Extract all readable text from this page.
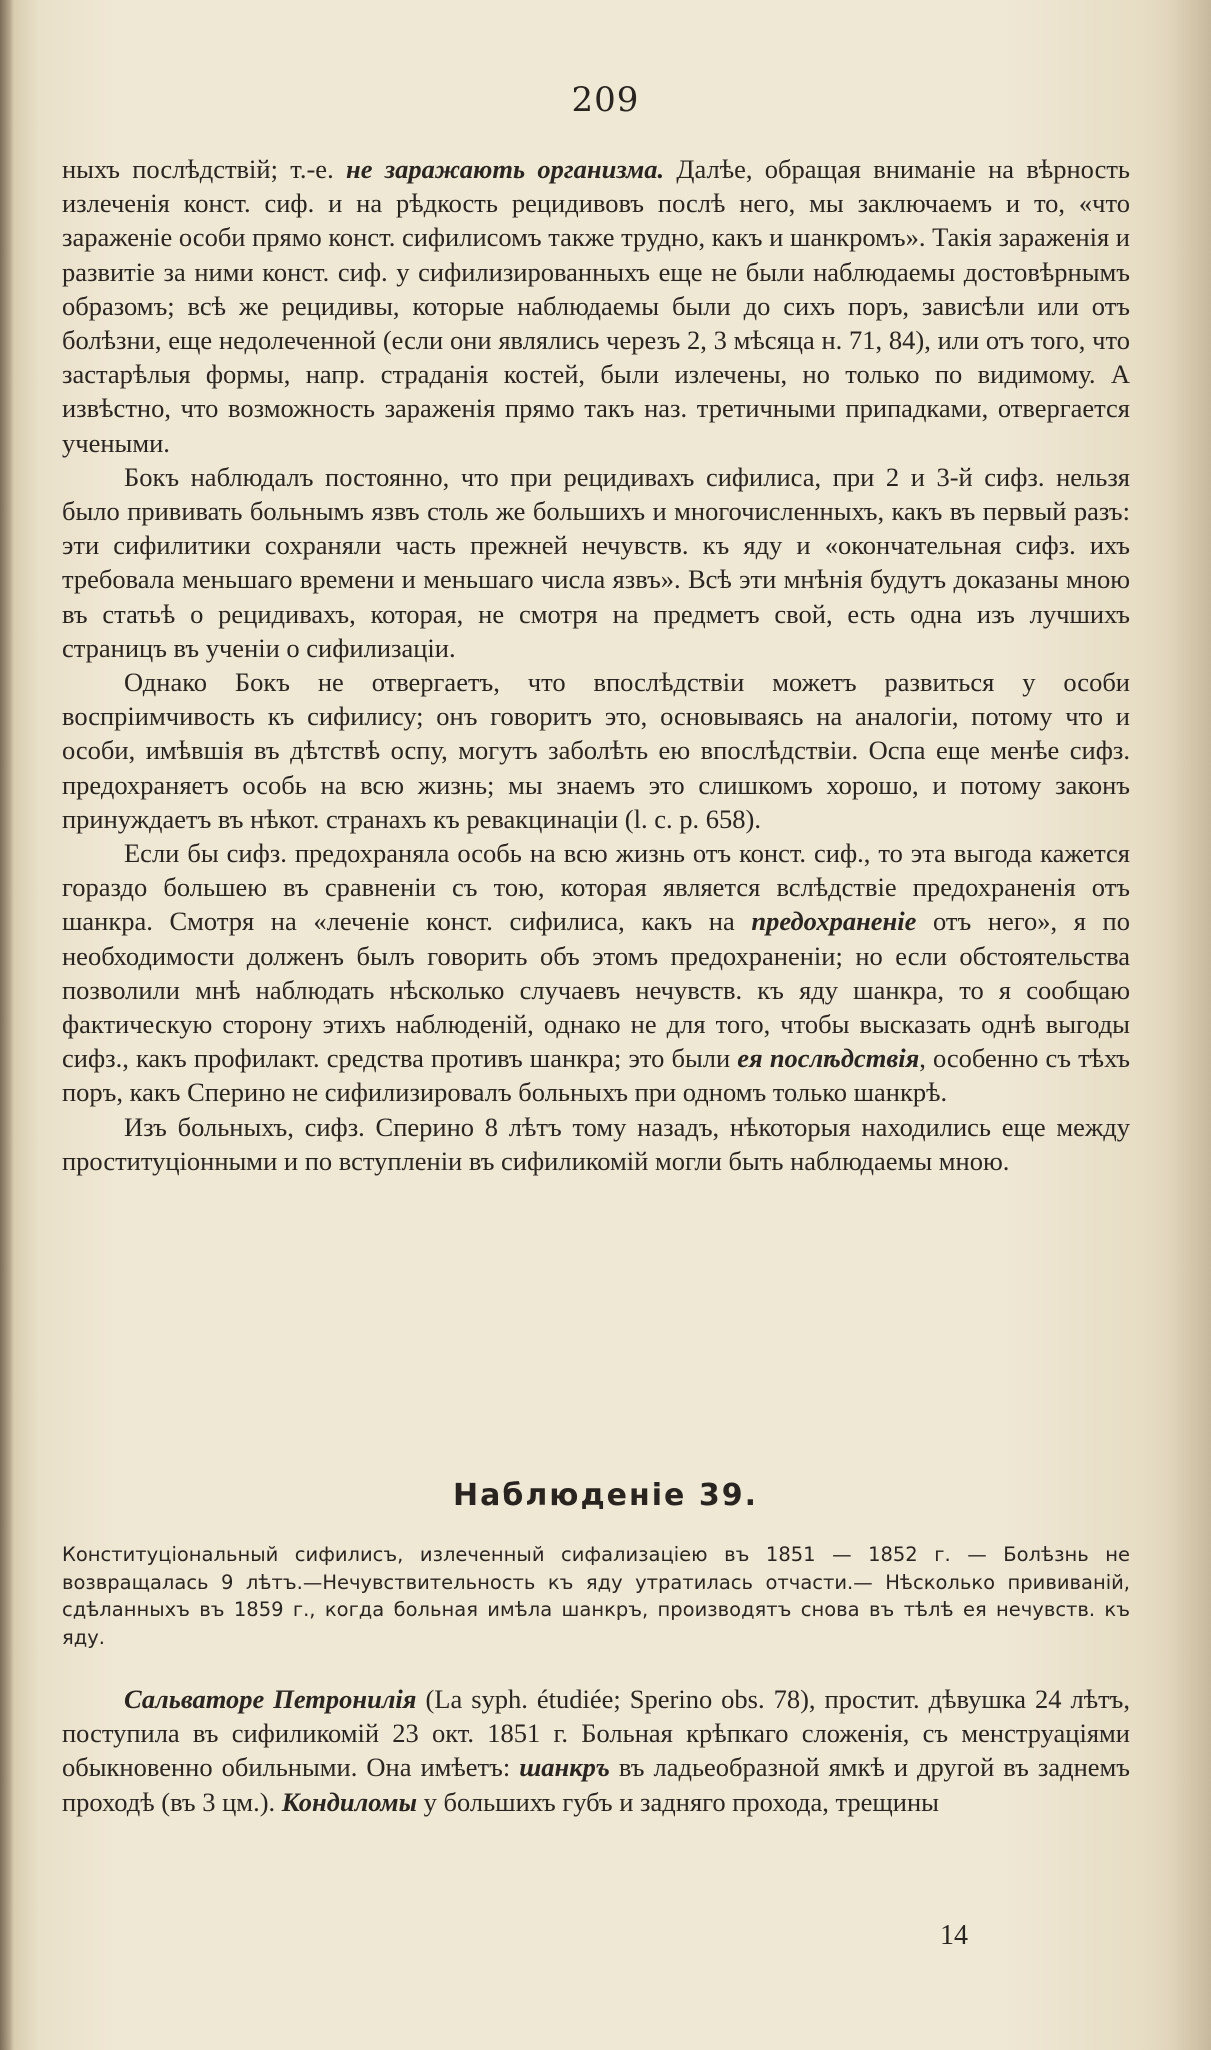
209

ныхъ послѣдствій; т.-е. не заражають организма. Далѣе, обращая вниманіе на вѣрность излеченія конст. сиф. и на рѣдкость рецидивовъ послѣ него, мы заключаемъ и то, «что зараженіе особи прямо конст. сифилисомъ также трудно, какъ и шанкромъ». Такія зараженія и развитіе за ними конст. сиф. у сифилизированныхъ еще не были наблюдаемы достовѣрнымъ образомъ; всѣ же рецидивы, которые наблюдаемы были до сихъ поръ, зависѣли или отъ болѣзни, еще недолеченной (если они являлись черезъ 2, 3 мѣсяца н. 71, 84), или отъ того, что застарѣлыя формы, напр. страданія костей, были излечены, но только по видимому. А извѣстно, что возможность зараженія прямо такъ наз. третичными припадками, отвергается учеными.

Бокъ наблюдалъ постоянно, что при рецидивахъ сифилиса, при 2 и 3-й сифз. нельзя было прививать больнымъ язвъ столь же большихъ и многочисленныхъ, какъ въ первый разъ: эти сифилитики сохраняли часть прежней нечувств. къ яду и «окончательная сифз. ихъ требовала меньшаго времени и меньшаго числа язвъ». Всѣ эти мнѣнія будутъ доказаны мною въ статьѣ о рецидивахъ, которая, не смотря на предметъ свой, есть одна изъ лучшихъ страницъ въ ученіи о сифилизаціи.

Однако Бокъ не отвергаетъ, что впослѣдствіи можетъ развиться у особи воспріимчивость къ сифилису; онъ говоритъ это, основываясь на аналогіи, потому что и особи, имѣвшія въ дѣтствѣ оспу, могутъ заболѣть ею впослѣдствіи. Оспа еще менѣе сифз. предохраняетъ особь на всю жизнь; мы знаемъ это слишкомъ хорошо, и потому законъ принуждаетъ въ нѣкот. странахъ къ ревакцинаціи (l. c. p. 658).

Если бы сифз. предохраняла особь на всю жизнь отъ конст. сиф., то эта выгода кажется гораздо большею въ сравненіи съ тою, которая является вслѣдствіе предохраненія отъ шанкра. Смотря на «леченіе конст. сифилиса, какъ на предохраненіе отъ него», я по необходимости долженъ былъ говорить объ этомъ предохраненіи; но если обстоятельства позволили мнѣ наблюдать нѣсколько случаевъ нечувств. къ яду шанкра, то я сообщаю фактическую сторону этихъ наблюденій, однако не для того, чтобы высказать однѣ выгоды сифз., какъ профилакт. средства противъ шанкра; это были ея послѣдствія, особенно съ тѣхъ поръ, какъ Сперино не сифилизировалъ больныхъ при одномъ только шанкрѣ.

Изъ больныхъ, сифз. Сперино 8 лѣтъ тому назадъ, нѣкоторыя находились еще между проституціонными и по вступленіи въ сифиликомій могли быть наблюдаемы мною.

Наблюденіе 39.
Конституціональный сифилисъ, излеченный сифализаціею въ 1851 — 1852 г. — Болѣзнь не возвращалась 9 лѣтъ.—Нечувствительность къ яду утратилась отчасти.— Нѣсколько прививаній, сдѣланныхъ въ 1859 г., когда больная имѣла шанкръ, производятъ снова въ тѣлѣ ея нечувств. къ яду.

Сальваторе Петронилія (La syph. étudiée; Sperino obs. 78), простит. дѣвушка 24 лѣтъ, поступила въ сифиликомій 23 окт. 1851 г. Больная крѣпкаго сложенія, съ менструаціями обыкновенно обильными. Она имѣетъ: шанкръ въ ладьеобразной ямкѣ и другой въ заднемъ проходѣ (въ 3 цм.). Кондиломы у большихъ губъ и задняго прохода, трещины

14
